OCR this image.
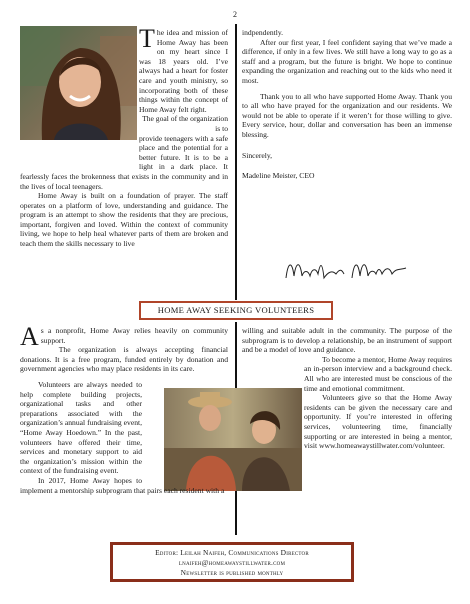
2

The idea and mission of Home Away has been on my heart since I was 18 years old. I’ve always had a heart for foster care and youth ministry, so incorporating both of these things within the concept of Home Away felt right.

The goal of the organization is to

provide teenagers with a safe place and the potential for a better future. It is to be a light in a dark place. It fearlessly faces the brokenness that exists in the community and in the lives of local teenagers.

Home Away is built on a foundation of prayer. The staff operates on a platform of love, understanding and guidance. The program is an attempt to show the residents that they are precious, important, forgiven and loved. Within the context of community living, we hope to help heal whatever parts of them are broken and teach them the skills necessary to live

indpendently.

After our first year, I feel confident saying that we’ve made a difference, if only in a few lives. We still have a long way to go as a staff and a program, but the future is bright. We hope to continue expanding the organization and reaching out to the kids who need it most.

Thank you to all who have supported Home Away. Thank you to all who have prayed for the organization and our residents. We would not be able to operate if it weren’t for those willing to give. Every service, hour, dollar and conversation has been an immense blessing.

Sincerely,

Madeline Meister, CEO

HOME AWAY SEEKING VOLUNTEERS

As a nonprofit, Home Away relies heavily on community support.

The organization is always accepting financial donations. It is a free program, funded entirely by donation and government agencies who may place residents in its care.

Volunteers are always needed to help complete building projects, organizational tasks and other preparations associated with the organization’s annual fundraising event, “Home Away Hoedown.” In the past, volunteers have offered their time, services and monetary support to aid the organization’s mission within the context of the fundraising event.

In 2017, Home Away hopes to implement a mentorship subprogram that pairs each resident with a

willing and suitable adult in the community. The purpose of the subprogram is to develop a relationship, be an instrument of support and be a model of love and guidance.

To become a mentor, Home Away requires an in-person interview and a background check. All who are interested must be conscious of the time and emotional commitment.

Volunteers give so that the Home Away residents can be given the necessary care and opportunity. If you’re interested in offering services, volunteering time, financially supporting or are interested in being a mentor, visit www.homeawaystillwater.com/volunteer.

Editor: Leilah Naifeh, Communications Director
lnaifeh@homeawaystillwater.com
Newsletter is published monthly
